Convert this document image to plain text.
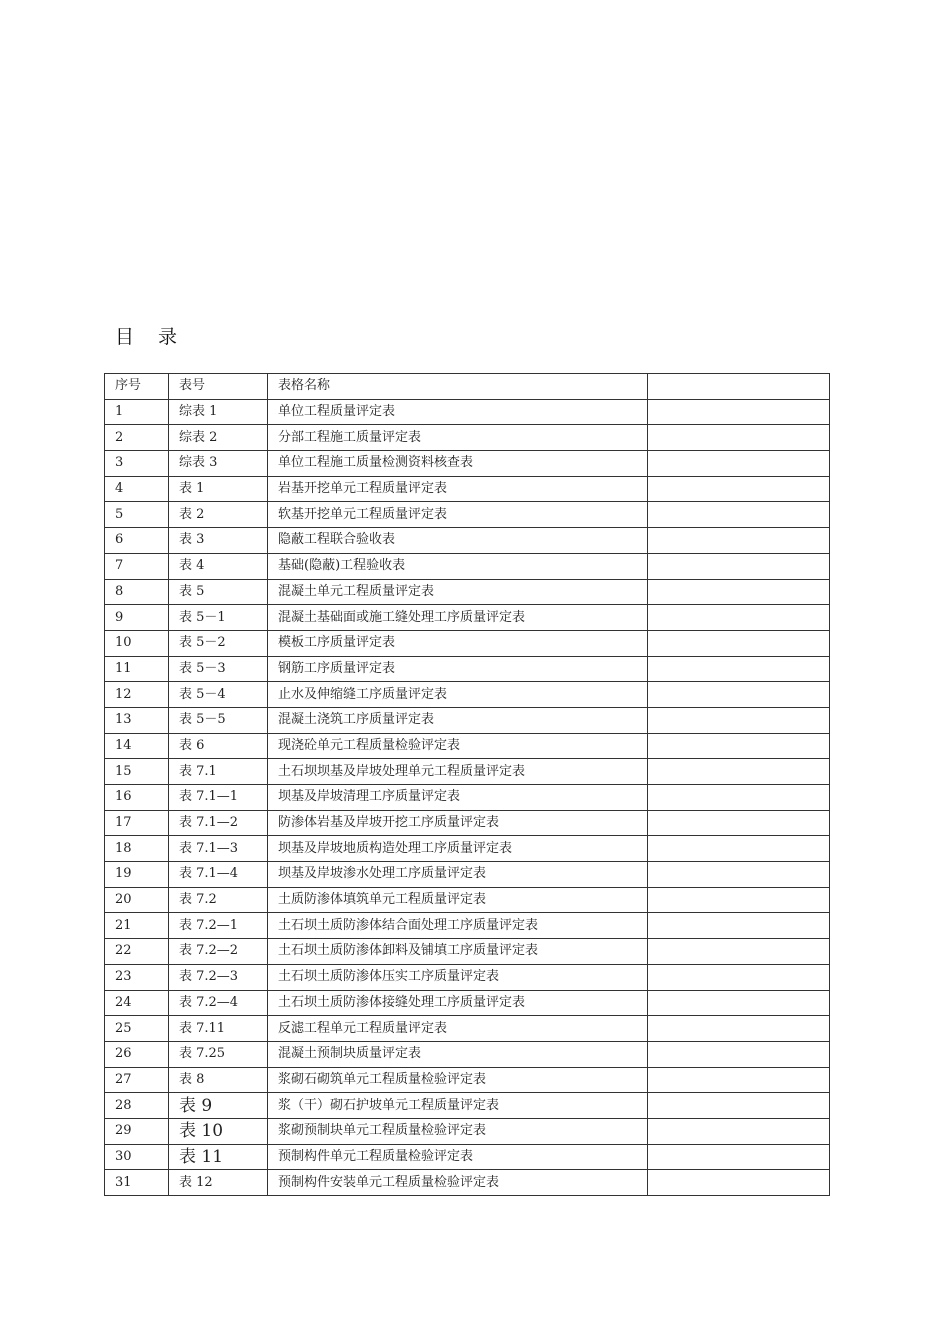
目 录
序号	表号	表格名称	
1	综表 1	单位工程质量评定表	
2	综表 2	分部工程施工质量评定表	
3	综表 3	单位工程施工质量检测资料核查表	
4	表 1	岩基开挖单元工程质量评定表	
5	表 2	软基开挖单元工程质量评定表	
6	表 3	隐蔽工程联合验收表	
7	表 4	基础(隐蔽)工程验收表	
8	表 5	混凝土单元工程质量评定表	
9	表 5－1	混凝土基础面或施工缝处理工序质量评定表	
10	表 5－2	模板工序质量评定表	
11	表 5－3	钢筋工序质量评定表	
12	表 5－4	止水及伸缩缝工序质量评定表	
13	表 5－5	混凝土浇筑工序质量评定表	
14	表 6	现浇砼单元工程质量检验评定表	
15	表 7.1	土石坝坝基及岸坡处理单元工程质量评定表	
16	表 7.1—1	坝基及岸坡清理工序质量评定表	
17	表 7.1—2	防渗体岩基及岸坡开挖工序质量评定表	
18	表 7.1—3	坝基及岸坡地质构造处理工序质量评定表	
19	表 7.1—4	坝基及岸坡渗水处理工序质量评定表	
20	表 7.2	土质防渗体填筑单元工程质量评定表	
21	表 7.2—1	土石坝土质防渗体结合面处理工序质量评定表	
22	表 7.2—2	土石坝土质防渗体卸料及铺填工序质量评定表	
23	表 7.2—3	土石坝土质防渗体压实工序质量评定表	
24	表 7.2—4	土石坝土质防渗体接缝处理工序质量评定表	
25	表 7.11	反滤工程单元工程质量评定表	
26	表 7.25	混凝土预制块质量评定表	
27	表 8	浆砌石砌筑单元工程质量检验评定表	
28	表 9	浆（干）砌石护坡单元工程质量评定表	
29	表 10	浆砌预制块单元工程质量检验评定表	
30	表 11	预制构件单元工程质量检验评定表	
31	表 12	预制构件安装单元工程质量检验评定表	
